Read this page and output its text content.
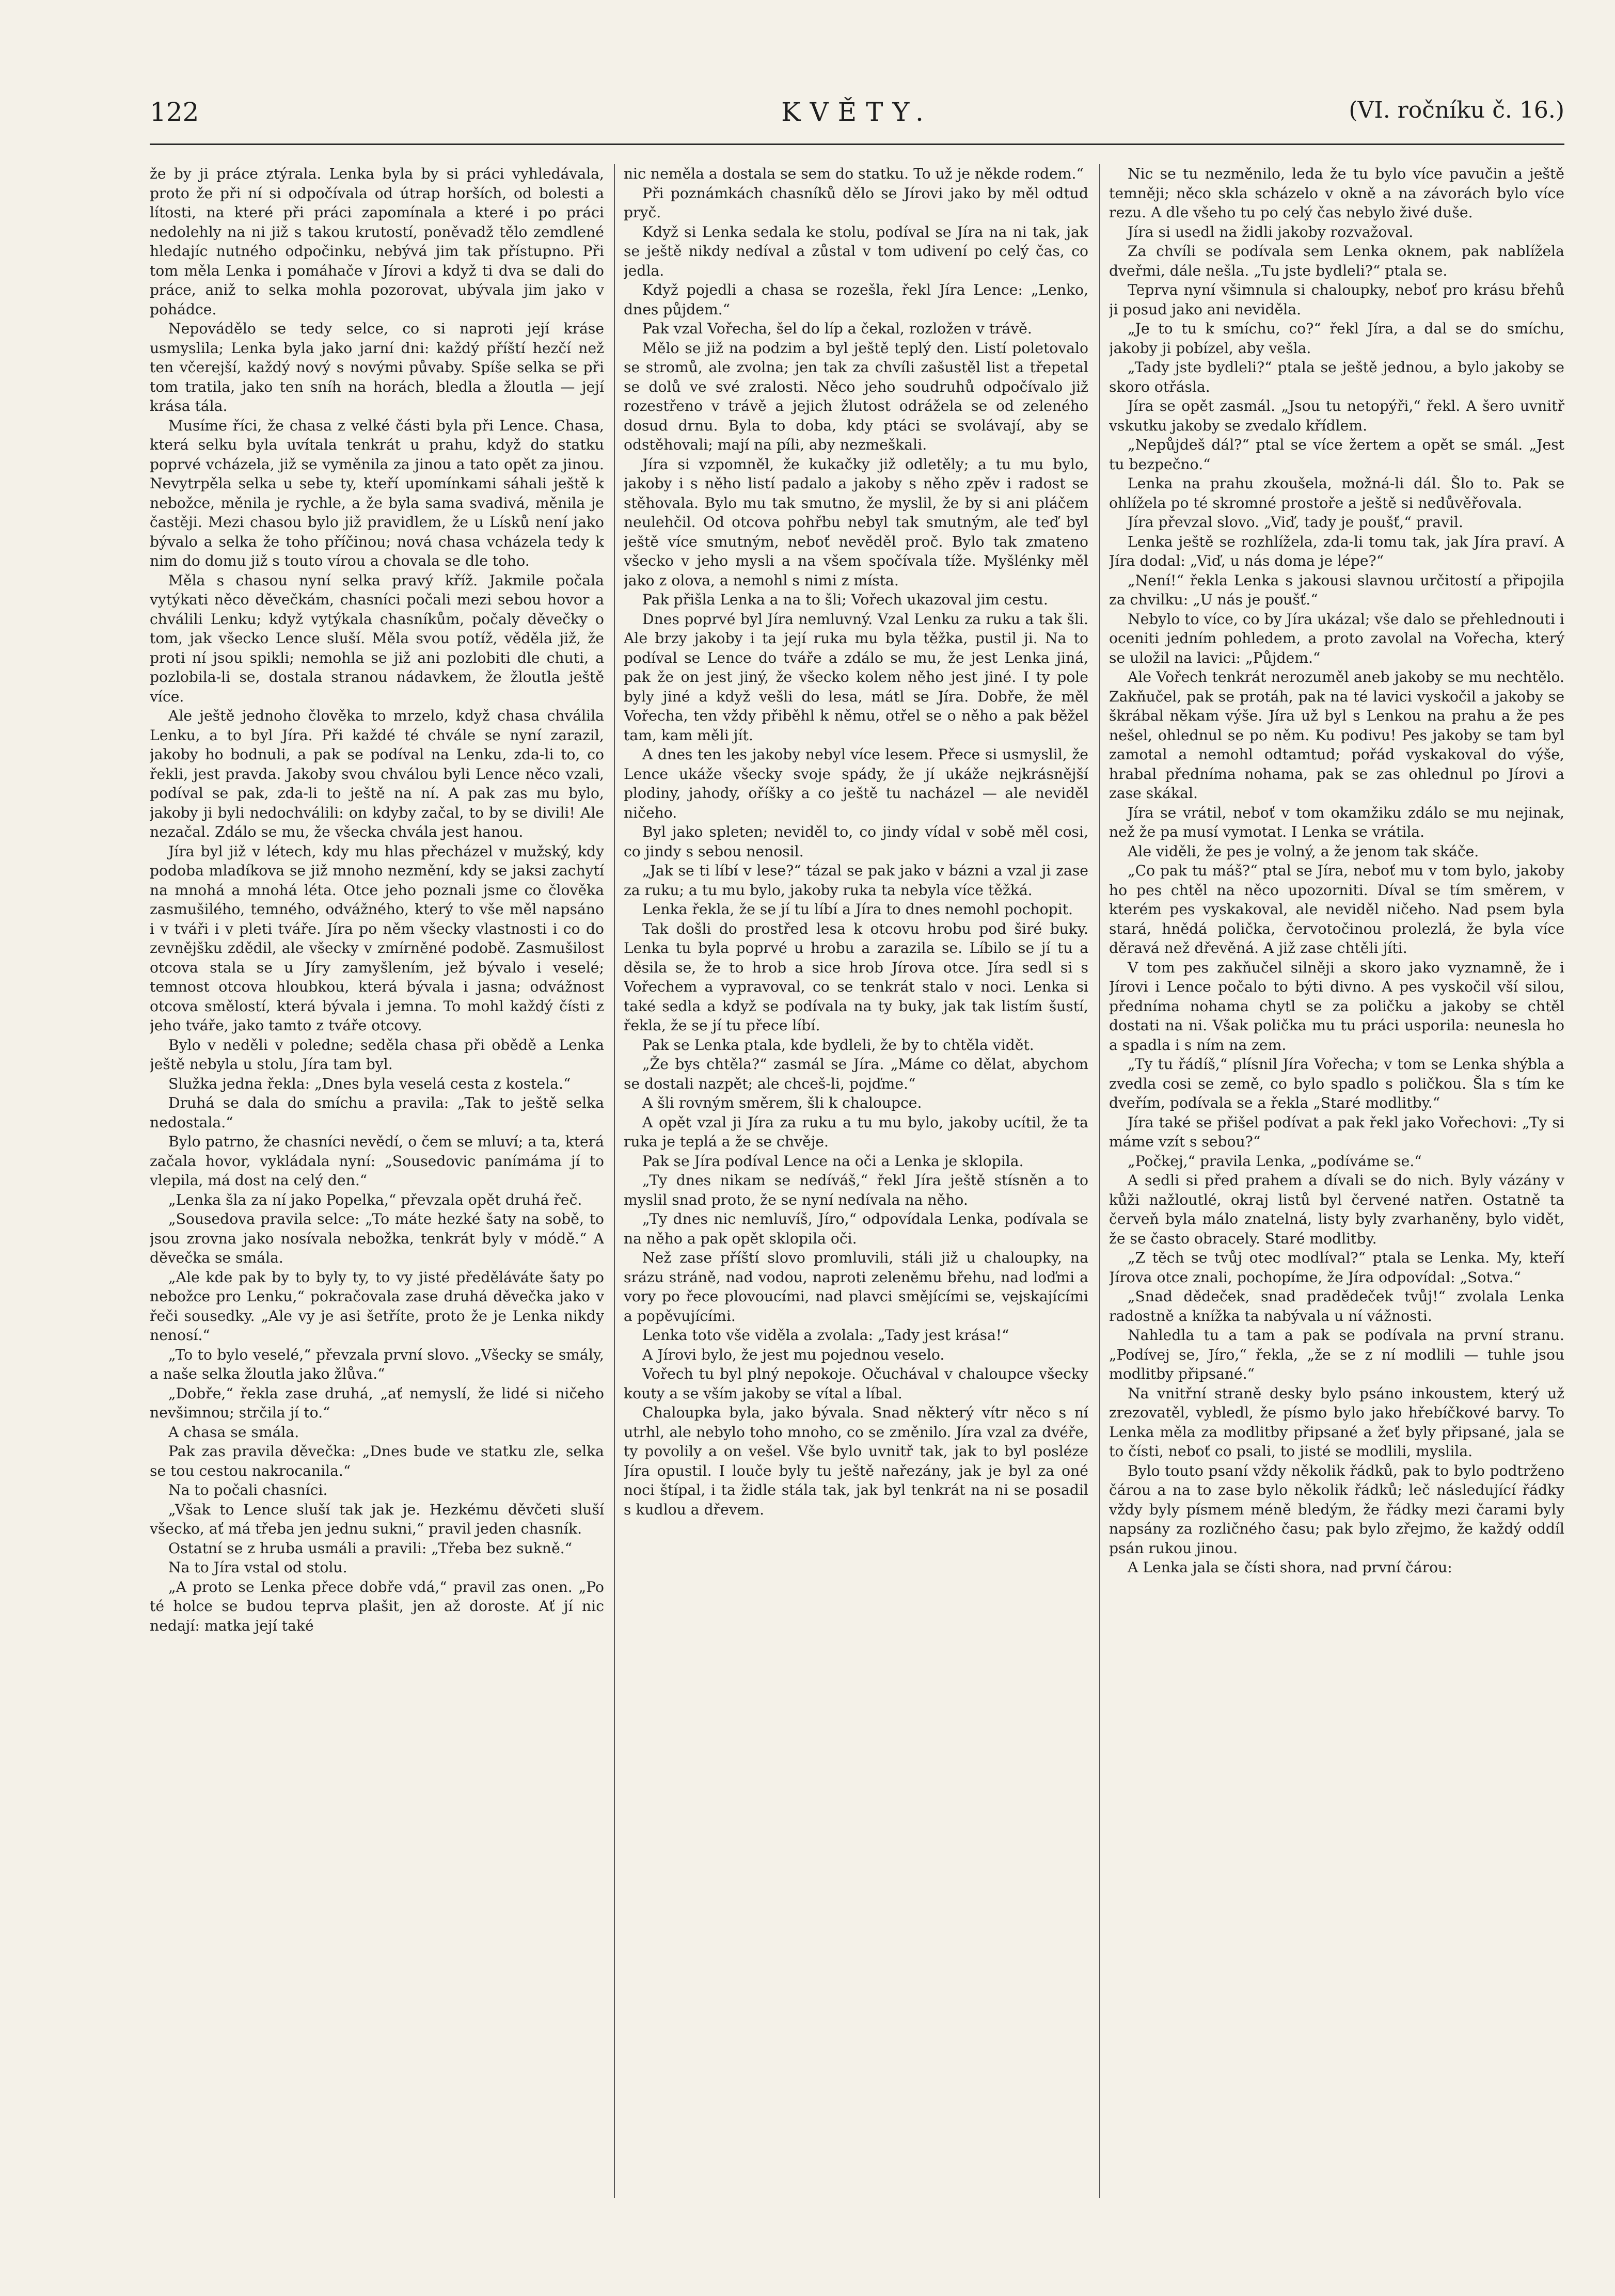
122	KVĚTY.	(VI. ročníku č. 16.)

že by ji práce ztýrala. Lenka byla by si práci vyhledávala, proto že při ní si odpočívala od útrap horších, od bolesti a lítosti, na které při práci zapomínala a které i po práci nedolehly na ni již s takou krutostí, poněvadž tělo zemdlené hledajíc nutného odpočinku, nebývá jim tak přístupno. Při tom měla Lenka i pomáhače v Jírovi a když ti dva se dali do práce, aniž to selka mohla pozorovat, ubývala jim jako v pohádce.

Nepovádělo se tedy selce, co si naproti její kráse usmyslila; Lenka byla jako jarní dni: každý příští hezčí než ten včerejší, každý nový s novými půvaby. Spíše selka se při tom tratila, jako ten sníh na horách, bledla a žloutla — její krása tála.

Musíme říci, že chasa z velké části byla při Lence. Chasa, která selku byla uvítala tenkrát u prahu, když do statku poprvé vcházela, již se vyměnila za jinou a tato opět za jinou. Nevytrpěla selka u sebe ty, kteří upomínkami sáhali ještě k nebožce, měnila je rychle, a že byla sama svadivá, měnila je častěji. Mezi chasou bylo již pravidlem, že u Lísků není jako bývalo a selka že toho příčinou; nová chasa vcházela tedy k nim do domu již s touto vírou a chovala se dle toho.

Měla s chasou nyní selka pravý kříž. Jakmile počala vytýkati něco děvečkám, chasníci počali mezi sebou hovor a chválili Lenku; když vytýkala chasníkům, počaly děvečky o tom, jak všecko Lence sluší. Měla svou potíž, věděla již, že proti ní jsou spikli; nemohla se již ani pozlobiti dle chuti, a pozlobila-li se, dostala stranou nádavkem, že žloutla ještě více.

Ale ještě jednoho člověka to mrzelo, když chasa chválila Lenku, a to byl Jíra. Při každé té chvále se nyní zarazil, jakoby ho bodnuli, a pak se podíval na Lenku, zda-li to, co řekli, jest pravda. Jakoby svou chválou byli Lence něco vzali, podíval se pak, zda-li to ještě na ní. A pak zas mu bylo, jakoby ji byli nedochválili: on kdyby začal, to by se divili! Ale nezačal. Zdálo se mu, že všecka chvála jest hanou.

Jíra byl již v létech, kdy mu hlas přecházel v mužský, kdy podoba mladíkova se již mnoho nezmění, kdy se jaksi zachytí na mnohá a mnohá léta. Otce jeho poznali jsme co člověka zasmušilého, temného, odvážného, který to vše měl napsáno i v tváři i v pleti tváře. Jíra po něm všecky vlastnosti i co do zevnějšku zdědil, ale všecky v zmírněné podobě. Zasmušilost otcova stala se u Jíry zamyšlením, jež bývalo i veselé; temnost otcova hloubkou, která bývala i jasna; odvážnost otcova smělostí, která bývala i jemna. To mohl každý čísti z jeho tváře, jako tamto z tváře otcovy.

Bylo v neděli v poledne; seděla chasa při obědě a Lenka ještě nebyla u stolu, Jíra tam byl.

Služka jedna řekla: „Dnes byla veselá cesta z kostela.“

Druhá se dala do smíchu a pravila: „Tak to ještě selka nedostala.“

Bylo patrno, že chasníci nevědí, o čem se mluví; a ta, která začala hovor, vykládala nyní: „Sousedovic panímáma jí to vlepila, má dost na celý den.“

„Lenka šla za ní jako Popelka,“ převzala opět druhá řeč.

„Sousedova pravila selce: „To máte hezké šaty na sobě, to jsou zrovna jako nosívala nebožka, tenkrát byly v módě.“ A děvečka se smála.

„Ale kde pak by to byly ty, to vy jisté předěláváte šaty po nebožce pro Lenku,“ pokračovala zase druhá děvečka jako v řeči sousedky. „Ale vy je asi šetříte, proto že je Lenka nikdy nenosí.“

„To to bylo veselé,“ převzala první slovo. „Všecky se smály, a naše selka žloutla jako žlůva.“

„Dobře,“ řekla zase druhá, „ať nemyslí, že lidé si ničeho nevšimnou; strčila jí to.“

A chasa se smála.

Pak zas pravila děvečka: „Dnes bude ve statku zle, selka se tou cestou nakrocanila.“

Na to počali chasníci.

„Však to Lence sluší tak jak je. Hezkému děvčeti sluší všecko, ať má třeba jen jednu sukni,“ pravil jeden chasník.

Ostatní se z hruba usmáli a pravili: „Třeba bez sukně.“

Na to Jíra vstal od stolu.

„A proto se Lenka přece dobře vdá,“ pravil zas onen. „Po té holce se budou teprva plašit, jen až doroste. Ať jí nic nedají: matka její také

nic neměla a dostala se sem do statku. To už je někde rodem.“

Při poznámkách chasníků dělo se Jírovi jako by měl odtud pryč.

Když si Lenka sedala ke stolu, podíval se Jíra na ni tak, jak se ještě nikdy nedíval a zůstal v tom udivení po celý čas, co jedla.

Když pojedli a chasa se rozešla, řekl Jíra Lence: „Lenko, dnes půjdem.“

Pak vzal Vořecha, šel do líp a čekal, rozložen v trávě.

Mělo se již na podzim a byl ještě teplý den. Listí poletovalo se stromů, ale zvolna; jen tak za chvíli zašustěl list a třepetal se dolů ve své zralosti. Něco jeho soudruhů odpočívalo již rozestřeno v trávě a jejich žlutost odrážela se od zeleného dosud drnu. Byla to doba, kdy ptáci se svolávají, aby se odstěhovali; mají na píli, aby nezmeškali.

Jíra si vzpomněl, že kukačky již odletěly; a tu mu bylo, jakoby i s něho listí padalo a jakoby s něho zpěv i radost se stěhovala. Bylo mu tak smutno, že myslil, že by si ani pláčem neulehčil. Od otcova pohřbu nebyl tak smutným, ale teď byl ještě více smutným, neboť nevěděl proč. Bylo tak zmateno všecko v jeho mysli a na všem spočívala tíže. Myšlénky měl jako z olova, a nemohl s nimi z místa.

Pak přišla Lenka a na to šli; Vořech ukazoval jim cestu.

Dnes poprvé byl Jíra nemluvný. Vzal Lenku za ruku a tak šli. Ale brzy jakoby i ta její ruka mu byla těžka, pustil ji. Na to podíval se Lence do tváře a zdálo se mu, že jest Lenka jiná, pak že on jest jiný, že všecko kolem něho jest jiné. I ty pole byly jiné a když vešli do lesa, mátl se Jíra. Dobře, že měl Vořecha, ten vždy přiběhl k němu, otřel se o něho a pak běžel tam, kam měli jít.

A dnes ten les jakoby nebyl více lesem. Přece si usmyslil, že Lence ukáže všecky svoje spády, že jí ukáže nejkrásnější plodiny, jahody, oříšky a co ještě tu nacházel — ale neviděl ničeho.

Byl jako spleten; neviděl to, co jindy vídal v sobě měl cosi, co jindy s sebou nenosil.

„Jak se ti líbí v lese?“ tázal se pak jako v bázni a vzal ji zase za ruku; a tu mu bylo, jakoby ruka ta nebyla více těžká.

Lenka řekla, že se jí tu líbí a Jíra to dnes nemohl pochopit.

Tak došli do prostřed lesa k otcovu hrobu pod širé buky. Lenka tu byla poprvé u hrobu a zarazila se. Líbilo se jí tu a děsila se, že to hrob a sice hrob Jírova otce. Jíra sedl si s Vořechem a vypravoval, co se tenkrát stalo v noci. Lenka si také sedla a když se podívala na ty buky, jak tak listím šustí, řekla, že se jí tu přece líbí.

Pak se Lenka ptala, kde bydleli, že by to chtěla vidět.

„Že bys chtěla?“ zasmál se Jíra. „Máme co dělat, abychom se dostali nazpět; ale chceš-li, pojďme.“

A šli rovným směrem, šli k chaloupce.

A opět vzal ji Jíra za ruku a tu mu bylo, jakoby ucítil, že ta ruka je teplá a že se chvěje.

Pak se Jíra podíval Lence na oči a Lenka je sklopila.

„Ty dnes nikam se nedíváš,“ řekl Jíra ještě stísněn a to myslil snad proto, že se nyní nedívala na něho.

„Ty dnes nic nemluvíš, Jíro,“ odpovídala Lenka, podívala se na něho a pak opět sklopila oči.

Než zase příští slovo promluvili, stáli již u chaloupky, na srázu stráně, nad vodou, naproti zeleněmu břehu, nad loďmi a vory po řece plovoucími, nad plavci smějícími se, vejskajícími a popěvujícími.

Lenka toto vše viděla a zvolala: „Tady jest krása!“

A Jírovi bylo, že jest mu pojednou veselo.

Vořech tu byl plný nepokoje. Očuchával v chaloupce všecky kouty a se vším jakoby se vítal a líbal.

Chaloupka byla, jako bývala. Snad některý vítr něco s ní utrhl, ale nebylo toho mnoho, co se změnilo. Jíra vzal za dvéře, ty povolily a on vešel. Vše bylo uvnitř tak, jak to byl posléze Jíra opustil. I louče byly tu ještě nařezány, jak je byl za oné noci štípal, i ta židle stála tak, jak byl tenkrát na ni se posadil s kudlou a dřevem.

Nic se tu nezměnilo, leda že tu bylo více pavučin a ještě temněji; něco skla scházelo v okně a na závorách bylo více rezu. A dle všeho tu po celý čas nebylo živé duše.

Jíra si usedl na židli jakoby rozvažoval.

Za chvíli se podívala sem Lenka oknem, pak nablížela dveřmi, dále nešla. „Tu jste bydleli?“ ptala se.

Teprva nyní všimnula si chaloupky, neboť pro krásu břehů ji posud jako ani neviděla.

„Je to tu k smíchu, co?“ řekl Jíra, a dal se do smíchu, jakoby ji pobízel, aby vešla.

„Tady jste bydleli?“ ptala se ještě jednou, a bylo jakoby se skoro otřásla.

Jíra se opět zasmál. „Jsou tu netopýři,“ řekl. A šero uvnitř vskutku jakoby se zvedalo křídlem.

„Nepůjdeš dál?“ ptal se více žertem a opět se smál. „Jest tu bezpečno.“

Lenka na prahu zkoušela, možná-li dál. Šlo to. Pak se ohlížela po té skromné prostoře a ještě si nedůvěřovala.

Jíra převzal slovo. „Viď, tady je poušť,“ pravil.

Lenka ještě se rozhlížela, zda-li tomu tak, jak Jíra praví. A Jíra dodal: „Viď, u nás doma je lépe?“

„Není!“ řekla Lenka s jakousi slavnou určitostí a připojila za chvilku: „U nás je poušť.“

Nebylo to více, co by Jíra ukázal; vše dalo se přehlednouti i oceniti jedním pohledem, a proto zavolal na Vořecha, který se uložil na lavici: „Půjdem.“

Ale Vořech tenkrát nerozuměl aneb jakoby se mu nechtělo. Zakňučel, pak se protáh, pak na té lavici vyskočil a jakoby se škrábal někam výše. Jíra už byl s Lenkou na prahu a že pes nešel, ohlednul se po něm. Ku podivu! Pes jakoby se tam byl zamotal a nemohl odtamtud; pořád vyskakoval do výše, hrabal předníma nohama, pak se zas ohlednul po Jírovi a zase skákal.

Jíra se vrátil, neboť v tom okamžiku zdálo se mu nejinak, než že pa musí vymotat. I Lenka se vrátila.

Ale viděli, že pes je volný, a že jenom tak skáče.

„Co pak tu máš?“ ptal se Jíra, neboť mu v tom bylo, jakoby ho pes chtěl na něco upozorniti. Díval se tím směrem, v kterém pes vyskakoval, ale neviděl ničeho. Nad psem byla stará, hnědá polička, červotočinou prolezlá, že byla více děravá než dřevěná. A již zase chtěli jíti.

V tom pes zakňučel silněji a skoro jako vyznamně, že i Jírovi i Lence počalo to býti divno. A pes vyskočil vší silou, předníma nohama chytl se za poličku a jakoby se chtěl dostati na ni. Však polička mu tu práci usporila: neunesla ho a spadla i s ním na zem.

„Ty tu řádíš,“ plísnil Jíra Vořecha; v tom se Lenka shýbla a zvedla cosi se země, co bylo spadlo s poličkou. Šla s tím ke dveřím, podívala se a řekla „Staré modlitby.“

Jíra také se přišel podívat a pak řekl jako Vořechovi: „Ty si máme vzít s sebou?“

„Počkej,“ pravila Lenka, „podíváme se.“

A sedli si před prahem a dívali se do nich. Byly vázány v kůži nažloutlé, okraj listů byl červené natřen. Ostatně ta červeň byla málo znatelná, listy byly zvarhaněny, bylo vidět, že se často obracely. Staré modlitby.

„Z těch se tvůj otec modlíval?“ ptala se Lenka. My, kteří Jírova otce znali, pochopíme, že Jíra odpovídal: „Sotva.“

„Snad dědeček, snad pradědeček tvůj!“ zvolala Lenka radostně a knížka ta nabývala u ní vážnosti.

Nahledla tu a tam a pak se podívala na první stranu. „Podívej se, Jíro,“ řekla, „že se z ní modlili — tuhle jsou modlitby připsané.“

Na vnitřní straně desky bylo psáno inkoustem, který už zrezovatěl, vybledl, že písmo bylo jako hřebíčkové barvy. To Lenka měla za modlitby připsané a žeť byly připsané, jala se to čísti, neboť co psali, to jisté se modlili, myslila.

Bylo touto psaní vždy několik řádků, pak to bylo podtrženo čárou a na to zase bylo několik řádků; leč následující řádky vždy byly písmem méně bledým, že řádky mezi čarami byly napsány za rozličného času; pak bylo zřejmo, že každý oddíl psán rukou jinou.

A Lenka jala se čísti shora, nad první čárou:
